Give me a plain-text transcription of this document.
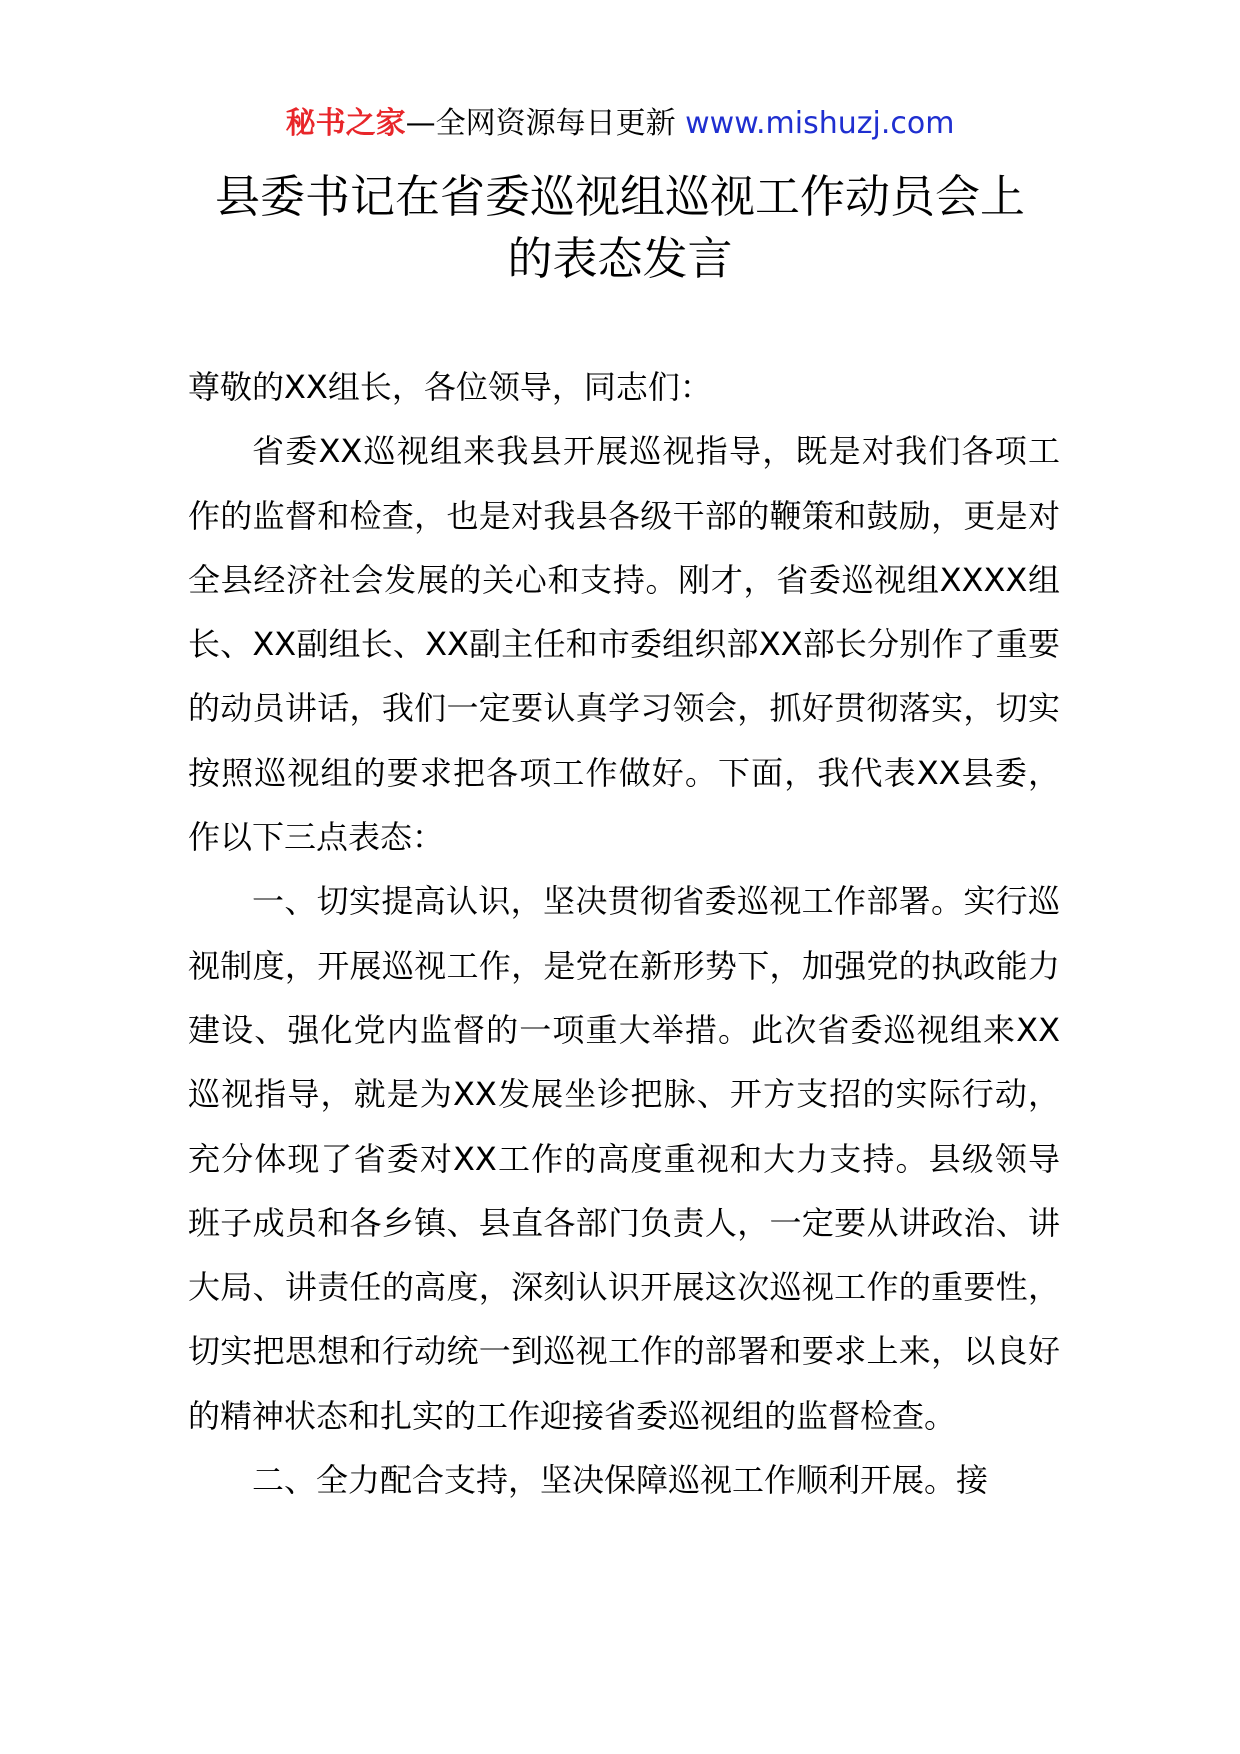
秘书之家—全网资源每日更新 www.mishuzj.com
县委书记在省委巡视组巡视工作动员会上
的表态发言

尊敬的XX组长，各位领导，同志们：

省委XX巡视组来我县开展巡视指导，既是对我们各项工作的监督和检查，也是对我县各级干部的鞭策和鼓励，更是对全县经济社会发展的关心和支持。刚才，省委巡视组XXXX组长、XX副组长、XX副主任和市委组织部XX部长分别作了重要的动员讲话，我们一定要认真学习领会，抓好贯彻落实，切实按照巡视组的要求把各项工作做好。下面，我代表XX县委，作以下三点表态：

一、切实提高认识，坚决贯彻省委巡视工作部署。实行巡视制度，开展巡视工作，是党在新形势下，加强党的执政能力建设、强化党内监督的一项重大举措。此次省委巡视组来XX巡视指导，就是为XX发展坐诊把脉、开方支招的实际行动，充分体现了省委对XX工作的高度重视和大力支持。县级领导班子成员和各乡镇、县直各部门负责人，一定要从讲政治、讲大局、讲责任的高度，深刻认识开展这次巡视工作的重要性，切实把思想和行动统一到巡视工作的部署和要求上来，以良好的精神状态和扎实的工作迎接省委巡视组的监督检查。

二、全力配合支持，坚决保障巡视工作顺利开展。接
